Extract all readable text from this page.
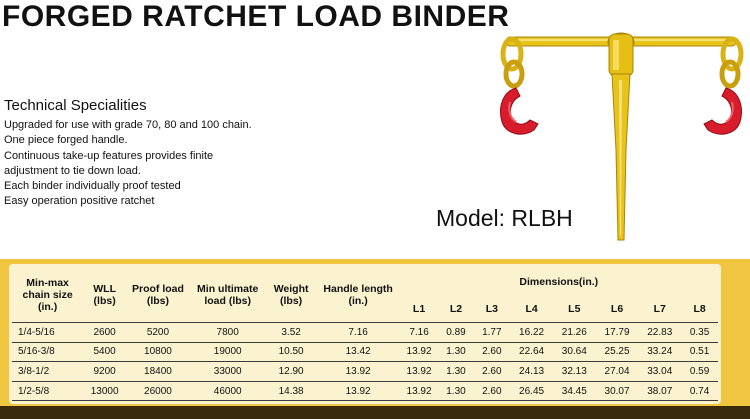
FORGED RATCHET LOAD BINDER
Technical Specialities
Upgraded for use with grade 70, 80 and 100 chain.
One piece forged handle.
Continuous take-up features provides finite
adjustment to tie down load.
Each binder individually proof tested
Easy operation positive ratchet
Model: RLBH
Min-max chain size (in.)	WLL (lbs)	Proof load (lbs)	Min ultimate load (lbs)	Weight (lbs)	Handle length (in.)	Dimensions(in.)							
						L1	L2	L3	L4	L5	L6	L7	L8
1/4-5/16	2600	5200	7800	3.52	7.16	7.16	0.89	1.77	16.22	21.26	17.79	22.83	0.35
5/16-3/8	5400	10800	19000	10.50	13.42	13.92	1.30	2.60	22.64	30.64	25.25	33.24	0.51
3/8-1/2	9200	18400	33000	12.90	13.92	13.92	1.30	2.60	24.13	32.13	27.04	33.04	0.59
1/2-5/8	13000	26000	46000	14.38	13.92	13.92	1.30	2.60	26.45	34.45	30.07	38.07	0.74
